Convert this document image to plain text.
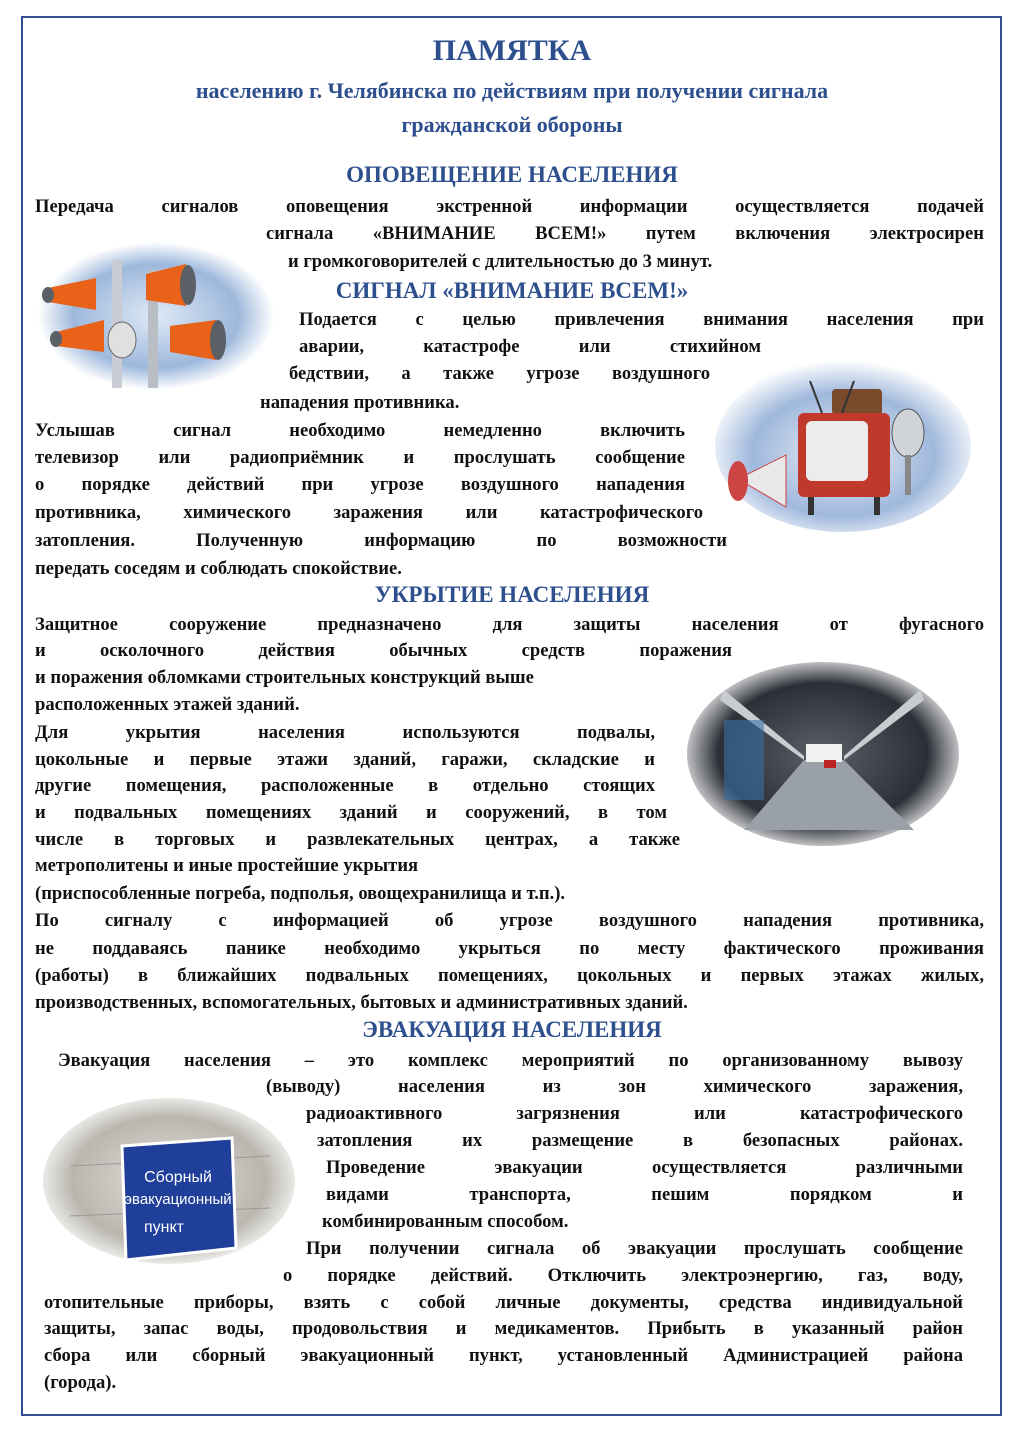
ПАМЯТКА
населению г. Челябинска по действиям при получении сигнала
гражданской обороны
ОПОВЕЩЕНИЕ НАСЕЛЕНИЯ
Передача сигналов оповещения экстренной информации осуществляется подачей
сигнала «ВНИМАНИЕ ВСЕМ!» путем включения электросирен
и громкоговорителей с длительностью до 3 минут.
СИГНАЛ «ВНИМАНИЕ ВСЕМ!»
Подается с целью привлечения внимания населения при
аварии, катастрофе или стихийном
бедствии, а также угрозе воздушного
нападения противника.
Услышав сигнал необходимо немедленно включить
телевизор или радиоприёмник и прослушать сообщение
о порядке действий при угрозе воздушного нападения
противника, химического заражения или катастрофического
затопления. Полученную информацию по возможности
передать соседям и соблюдать спокойствие.
УКРЫТИЕ НАСЕЛЕНИЯ
Защитное сооружение предназначено для защиты населения от фугасного
и осколочного действия обычных средств поражения
и поражения обломками строительных конструкций выше
расположенных этажей зданий.
Для укрытия населения используются подвалы,
цокольные и первые этажи зданий, гаражи, складские и
другие помещения, расположенные в отдельно стоящих
и подвальных помещениях зданий и сооружений, в том
числе в торговых и развлекательных центрах, а также
метрополитены и иные простейшие укрытия
(приспособленные погреба, подполья, овощехранилища и т.п.).
По сигналу с информацией об угрозе воздушного нападения противника,
не поддаваясь панике необходимо укрыться по месту фактического проживания
(работы) в ближайших подвальных помещениях, цокольных и первых этажах жилых,
производственных, вспомогательных, бытовых и административных зданий.
ЭВАКУАЦИЯ НАСЕЛЕНИЯ
Эвакуация населения – это комплекс мероприятий по организованному вывозу
(выводу) населения из зон химического заражения,
радиоактивного загрязнения или катастрофического
затопления их размещение в безопасных районах.
Проведение эвакуации осуществляется различными
видами транспорта, пешим порядком и
комбинированным способом.
При получении сигнала об эвакуации прослушать сообщение
о порядке действий. Отключить электроэнергию, газ, воду,
отопительные приборы, взять с собой личные документы, средства индивидуальной
защиты, запас воды, продовольствия и медикаментов. Прибыть в указанный район
сбора или сборный эвакуационный пункт, установленный Администрацией района
(города).
Сборный
эвакуационный
пункт
